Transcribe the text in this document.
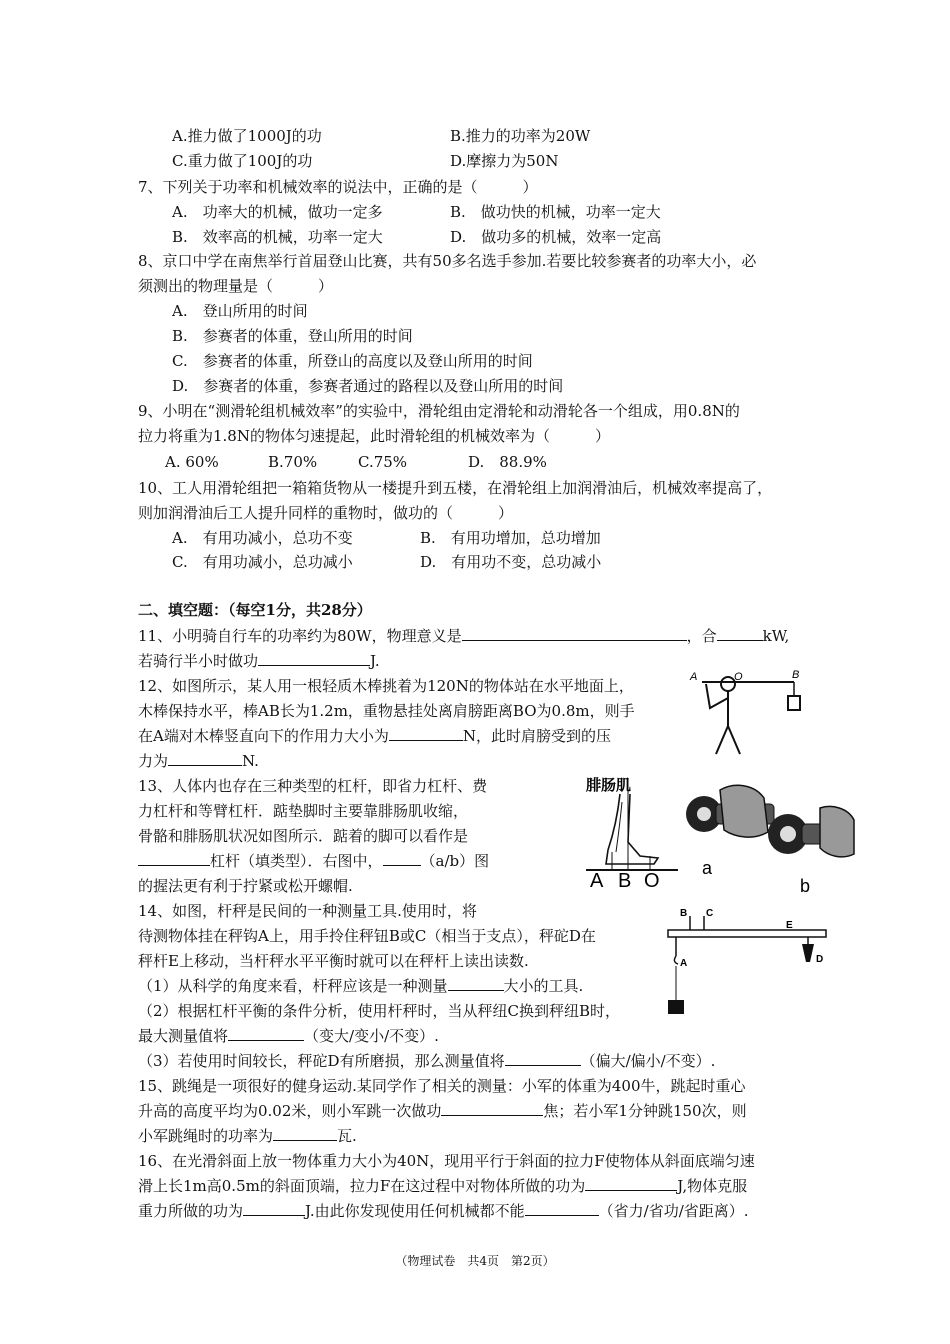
A.推力做了1000J的功	B.推力的功率为20W
C.重力做了100J的功	D.摩擦力为50N
7、下列关于功率和机械效率的说法中，正确的是（　　　）
A.　功率大的机械，做功一定多	B.　做功快的机械，功率一定大
B.　效率高的机械，功率一定大	D.　做功多的机械，效率一定高
8、京口中学在南焦举行首届登山比赛，共有50多名选手参加.若要比较参赛者的功率大小，必
须测出的物理量是（　　　）
A.　登山所用的时间
B.　参赛者的体重，登山所用的时间
C.　参赛者的体重，所登山的高度以及登山所用的时间
D.　参赛者的体重，参赛者通过的路程以及登山所用的时间
9、小明在“测滑轮组机械效率”的实验中，滑轮组由定滑轮和动滑轮各一个组成，用0.8N的
拉力将重为1.8N的物体匀速提起，此时滑轮组的机械效率为（　　　）
A. 60%	B.70%	C.75%	D.　88.9%
10、工人用滑轮组把一箱箱货物从一楼提升到五楼，在滑轮组上加润滑油后，机械效率提高了，
则加润滑油后工人提升同样的重物时，做功的（　　　）
A.　有用功减小，总功不变	B.　有用功增加，总功增加
C.　有用功减小，总功减小	D.　有用功不变，总功减小
二、填空题：（每空1分，共28分）
11、小明骑自行车的功率约为80W，物理意义是	，合	kW,
若骑行半小时做功	J.
12、如图所示，某人用一根轻质木棒挑着为120N的物体站在水平地面上，
木棒保持水平，棒AB长为1.2m，重物悬挂处离肩膀距离BO为0.8m，则手
在A端对木棒竖直向下的作用力大小为	N，此时肩膀受到的压
力为	N.
A	O	B
13、人体内也存在三种类型的杠杆，即省力杠杆、费
力杠杆和等臂杠杆．踮垫脚时主要靠腓肠肌收缩，
骨骼和腓肠肌状况如图所示．踮着的脚可以看作是
杠杆（填类型）．右图中，	（a/b）图
的握法更有利于拧紧或松开螺帽.
腓肠肌
A B O
a
b
14、如图，杆秤是民间的一种测量工具.使用时，将
待测物体挂在秤钩A上，用手拎住秤钮B或C（相当于支点），秤砣D在
秤杆E上移动，当杆秤水平平衡时就可以在秤杆上读出读数.
（1）从科学的角度来看，杆秤应该是一种测量	大小的工具.
（2）根据杠杆平衡的条件分析，使用杆秤时，当从秤纽C换到秤纽B时，
最大测量值将	（变大/变小/不变）.
（3）若使用时间较长，秤砣D有所磨损，那么测量值将	（偏大/偏小/不变）.
B C
E
A	D
15、跳绳是一项很好的健身运动.某同学作了相关的测量：小军的体重为400牛，跳起时重心
升高的高度平均为0.02米，则小军跳一次做功	焦；若小军1分钟跳150次，则
小军跳绳时的功率为	瓦.
16、在光滑斜面上放一物体重力大小为40N，现用平行于斜面的拉力F使物体从斜面底端匀速
滑上长1m高0.5m的斜面顶端，拉力F在这过程中对物体所做的功为	J,物体克服
重力所做的功为	J.由此你发现使用任何机械都不能	（省力/省功/省距离）.
（物理试卷　共4页　第2页）
